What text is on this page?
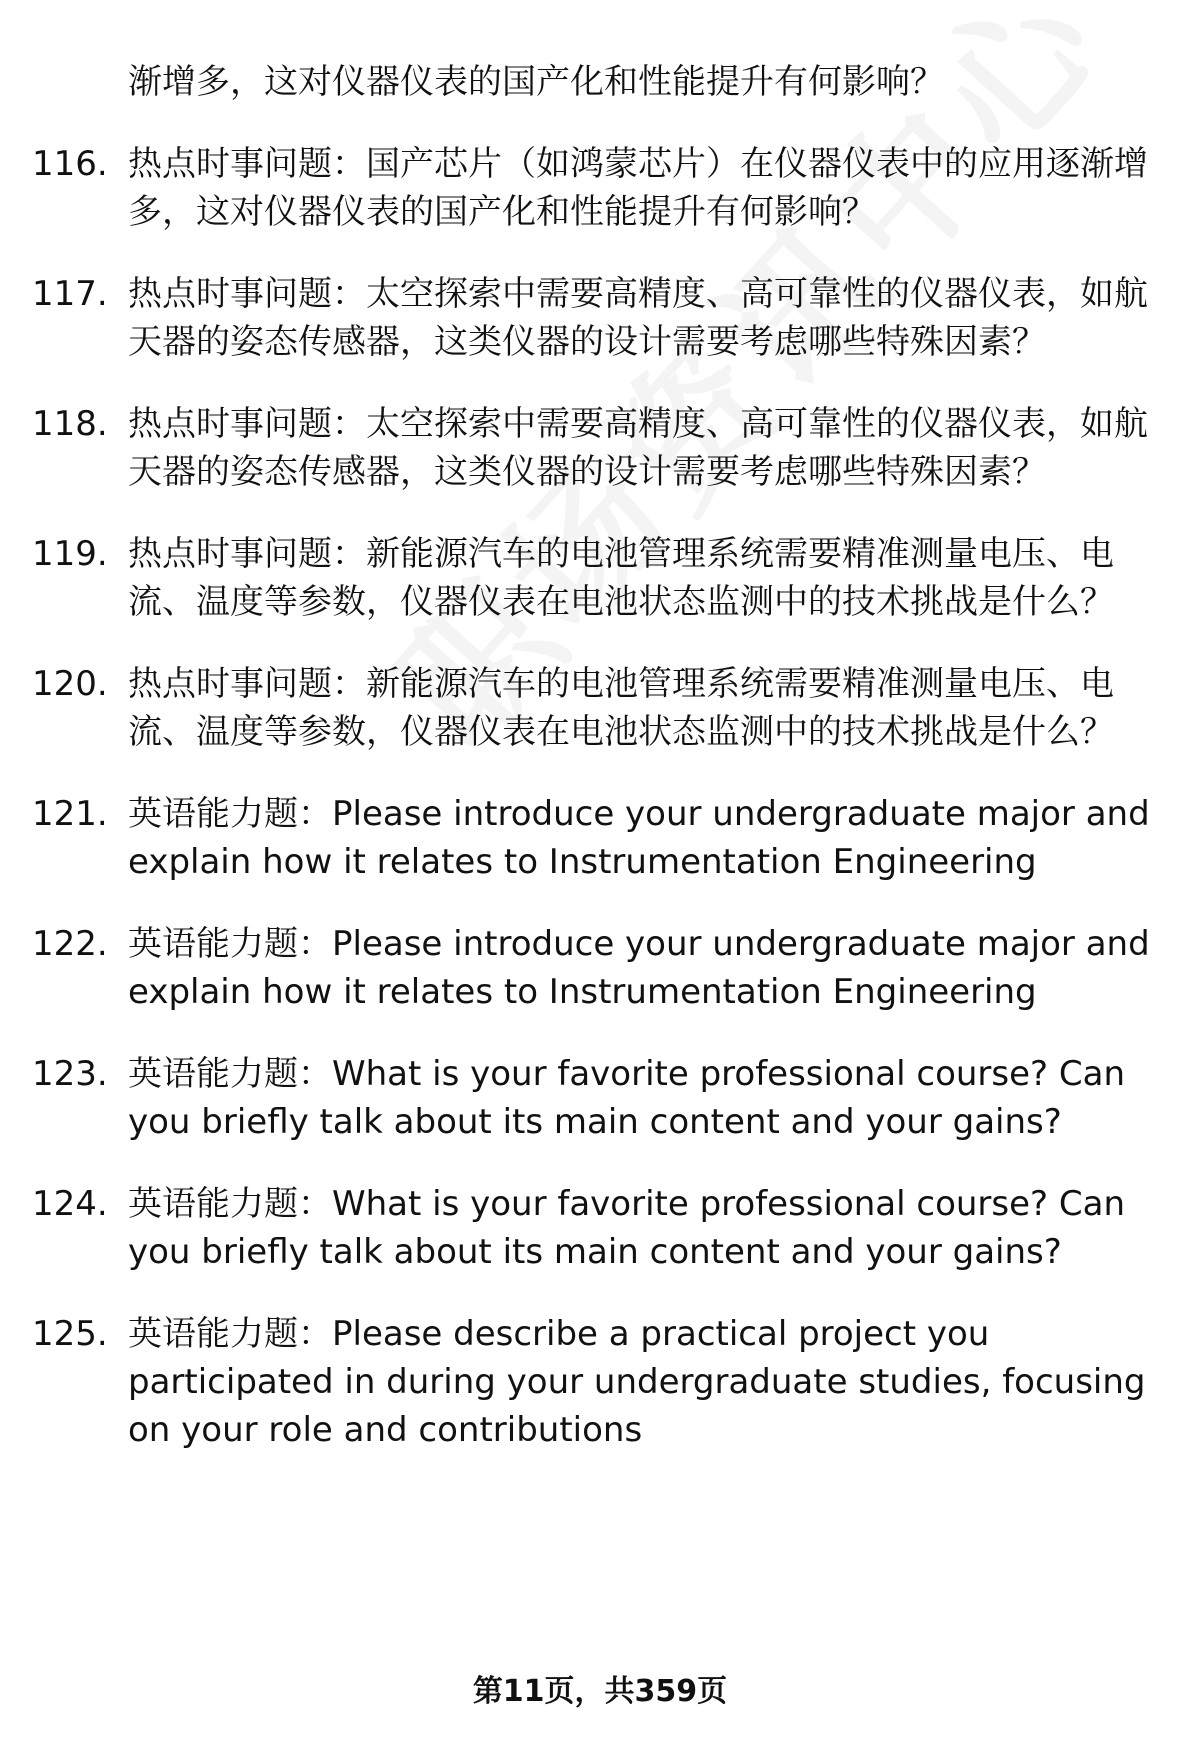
渐增多，这对仪器仪表的国产化和性能提升有何影响？
116. 热点时事问题：国产芯片（如鸿蒙芯片）在仪器仪表中的应用逐渐增多，这对仪器仪表的国产化和性能提升有何影响？
117. 热点时事问题：太空探索中需要高精度、高可靠性的仪器仪表，如航天器的姿态传感器，这类仪器的设计需要考虑哪些特殊因素？
118. 热点时事问题：太空探索中需要高精度、高可靠性的仪器仪表，如航天器的姿态传感器，这类仪器的设计需要考虑哪些特殊因素？
119. 热点时事问题：新能源汽车的电池管理系统需要精准测量电压、电流、温度等参数，仪器仪表在电池状态监测中的技术挑战是什么？
120. 热点时事问题：新能源汽车的电池管理系统需要精准测量电压、电流、温度等参数，仪器仪表在电池状态监测中的技术挑战是什么？
121. 英语能力题：Please introduce your undergraduate major and explain how it relates to Instrumentation Engineering
122. 英语能力题：Please introduce your undergraduate major and explain how it relates to Instrumentation Engineering
123. 英语能力题：What is your favorite professional course? Can you briefly talk about its main content and your gains?
124. 英语能力题：What is your favorite professional course? Can you briefly talk about its main content and your gains?
125. 英语能力题：Please describe a practical project you participated in during your undergraduate studies, focusing on your role and contributions
第11页，共359页
